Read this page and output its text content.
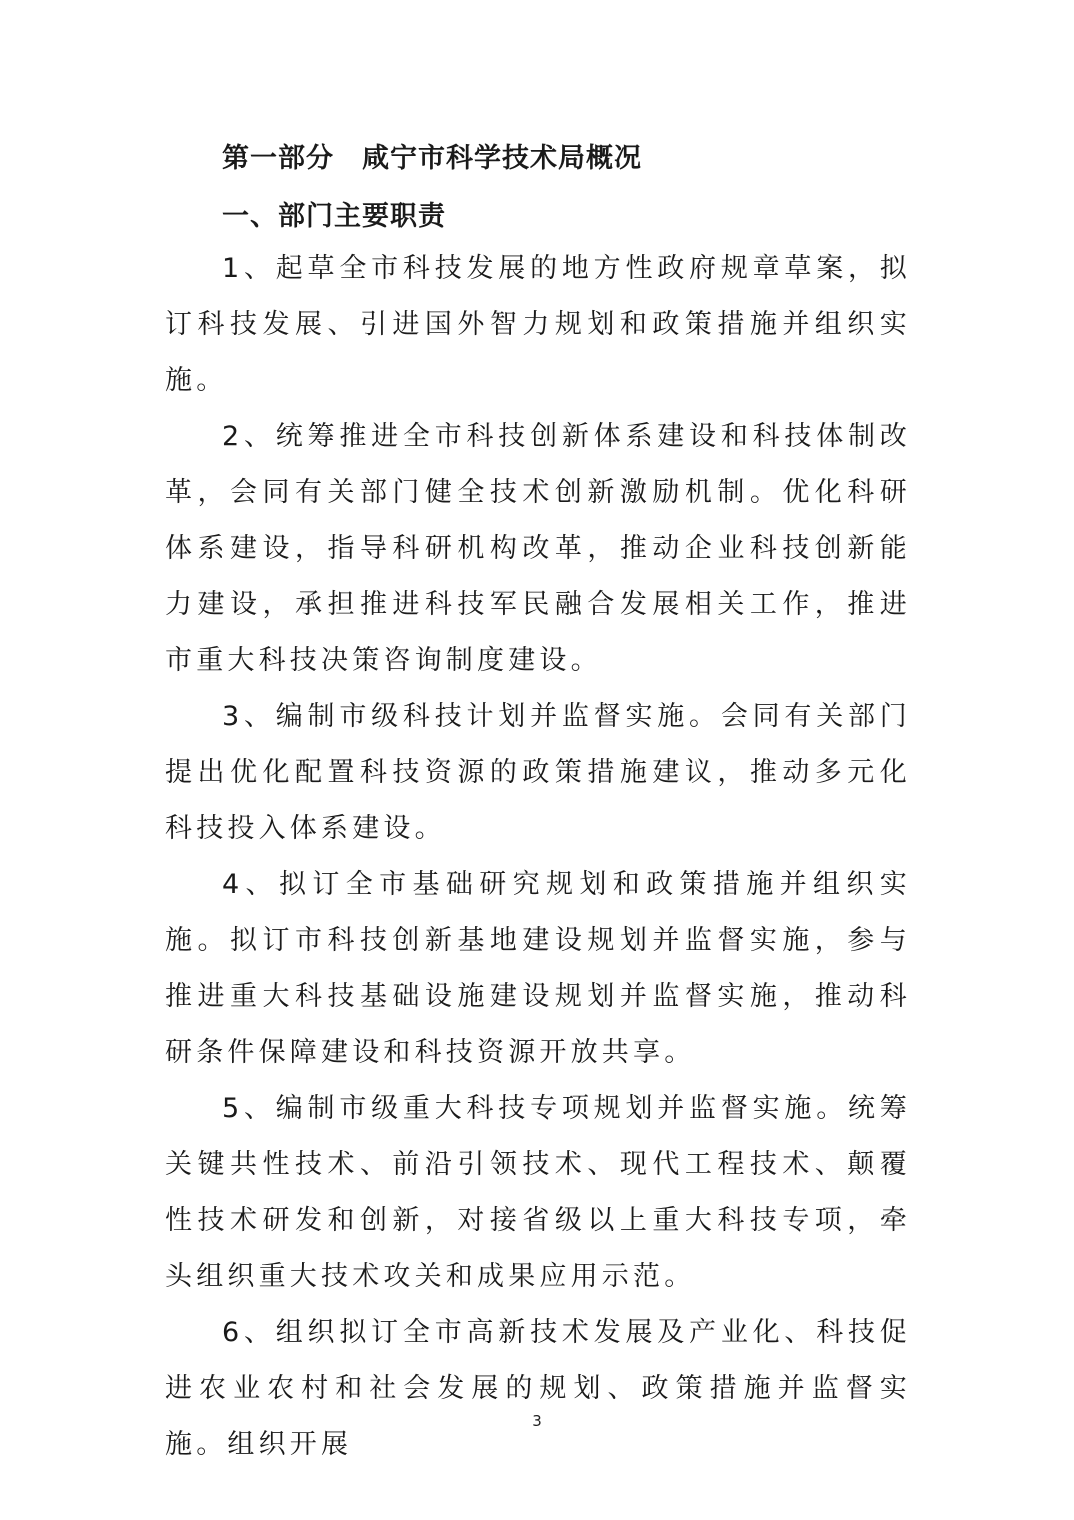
第一部分　咸宁市科学技术局概况
一、部门主要职责

1、起草全市科技发展的地方性政府规章草案，拟订科技发展、引进国外智力规划和政策措施并组织实施。

2、统筹推进全市科技创新体系建设和科技体制改革，会同有关部门健全技术创新激励机制。优化科研体系建设，指导科研机构改革，推动企业科技创新能力建设，承担推进科技军民融合发展相关工作，推进市重大科技决策咨询制度建设。

3、编制市级科技计划并监督实施。会同有关部门提出优化配置科技资源的政策措施建议，推动多元化科技投入体系建设。

4、拟订全市基础研究规划和政策措施并组织实施。拟订市科技创新基地建设规划并监督实施，参与推进重大科技基础设施建设规划并监督实施，推动科研条件保障建设和科技资源开放共享。

5、编制市级重大科技专项规划并监督实施。统筹关键共性技术、前沿引领技术、现代工程技术、颠覆性技术研发和创新，对接省级以上重大科技专项，牵头组织重大技术攻关和成果应用示范。

6、组织拟订全市高新技术发展及产业化、科技促进农业农村和社会发展的规划、政策措施并监督实施。组织开展

3
